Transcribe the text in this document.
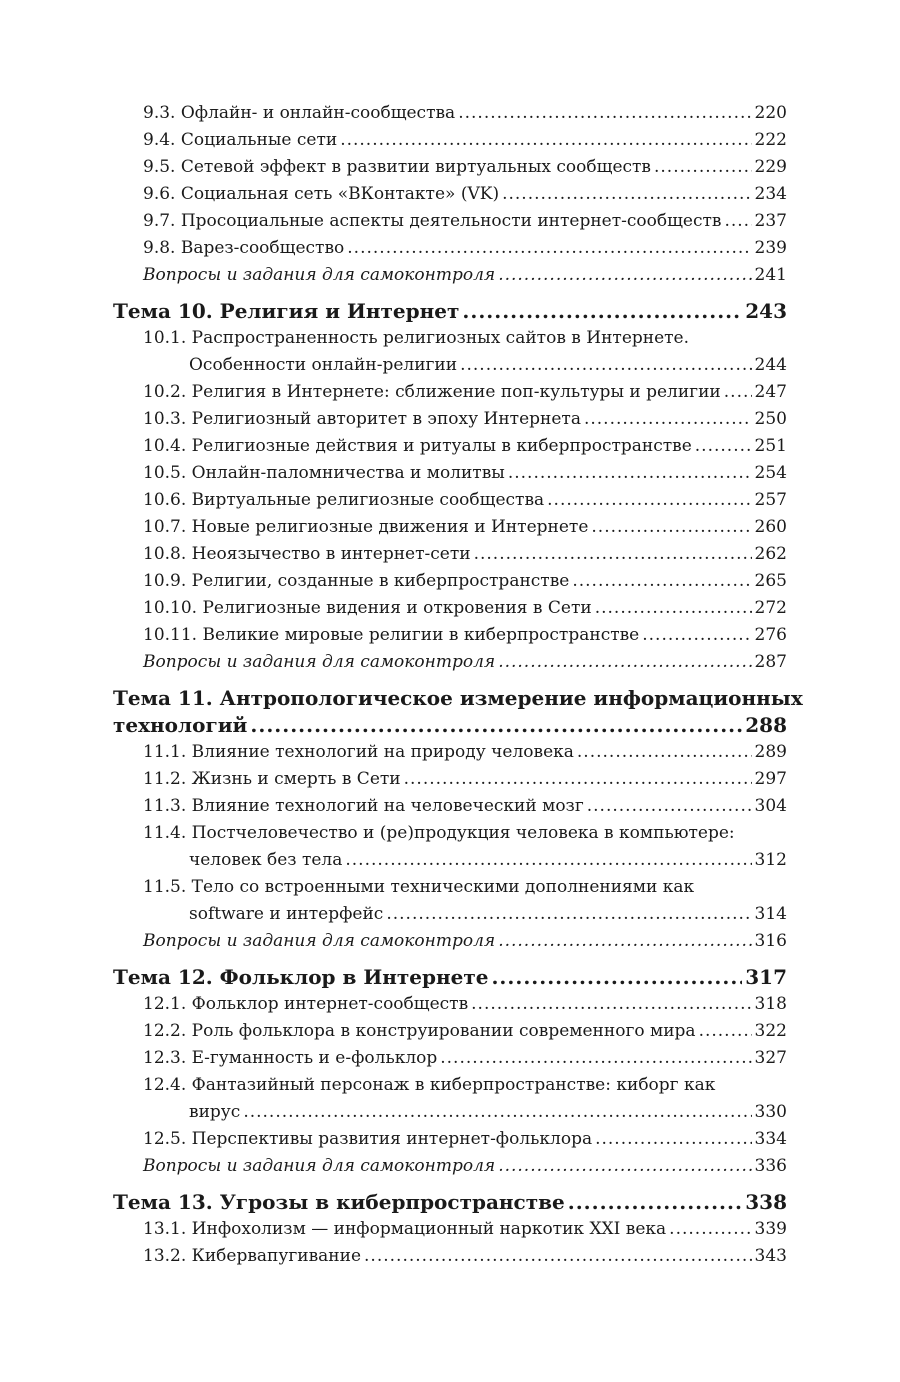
9.3. Офлайн- и онлайн-сообщества .....	220
9.4. Социальные сети .....	222
9.5. Сетевой эффект в развитии виртуальных сообществ .....	229
9.6. Социальная сеть «ВКонтакте» (VK) .....	234
9.7. Просоциальные аспекты деятельности интернет-сообществ ..... 237
9.8. Варез-сообщество .....	239
Вопросы и задания для самоконтроля .....	241
Тема 10. Религия и Интернет .....	243
10.1. Распространенность религиозных сайтов в Интернете.
Особенности онлайн-религии .....	244
10.2. Религия в Интернете: сближение поп-культуры и религии ..... 247
10.3. Религиозный авторитет в эпоху Интернета .....	250
10.4. Религиозные действия и ритуалы в киберпространстве .....	251
10.5. Онлайн-паломничества и молитвы .....	254
10.6. Виртуальные религиозные сообщества .....	257
10.7. Новые религиозные движения и Интернете .....	260
10.8. Неоязычество в интернет-сети .....	262
10.9. Религии, созданные в киберпространстве .....	265
10.10. Религиозные видения и откровения в Сети .....	272
10.11. Великие мировые религии в киберпространстве .....	276
Вопросы и задания для самоконтроля .....	287
Тема 11. Антропологическое измерение информационных
технологий .....	288
11.1. Влияние технологий на природу человека .....	289
11.2. Жизнь и смерть в Сети .....	297
11.3. Влияние технологий на человеческий мозг .....	304
11.4. Постчеловечество и (ре)продукция человека в компьютере:
человек без тела .....	312
11.5. Тело со встроенными техническими дополнениями как
software и интерфейс .....	314
Вопросы и задания для самоконтроля .....	316
Тема 12. Фольклор в Интернете .....	317
12.1. Фольклор интернет-сообществ .....	318
12.2. Роль фольклора в конструировании современного мира .....	322
12.3. Е-гуманность и е-фольклор .....	327
12.4. Фантазийный персонаж в киберпространстве: киборг как
вирус .....	330
12.5. Перспективы развития интернет-фольклора .....	334
Вопросы и задания для самоконтроля .....	336
Тема 13. Угрозы в киберпространстве .....	338
13.1. Инфохолизм — информационный наркотик XXI века .....	339
13.2. Кибервапугивание .....	343
